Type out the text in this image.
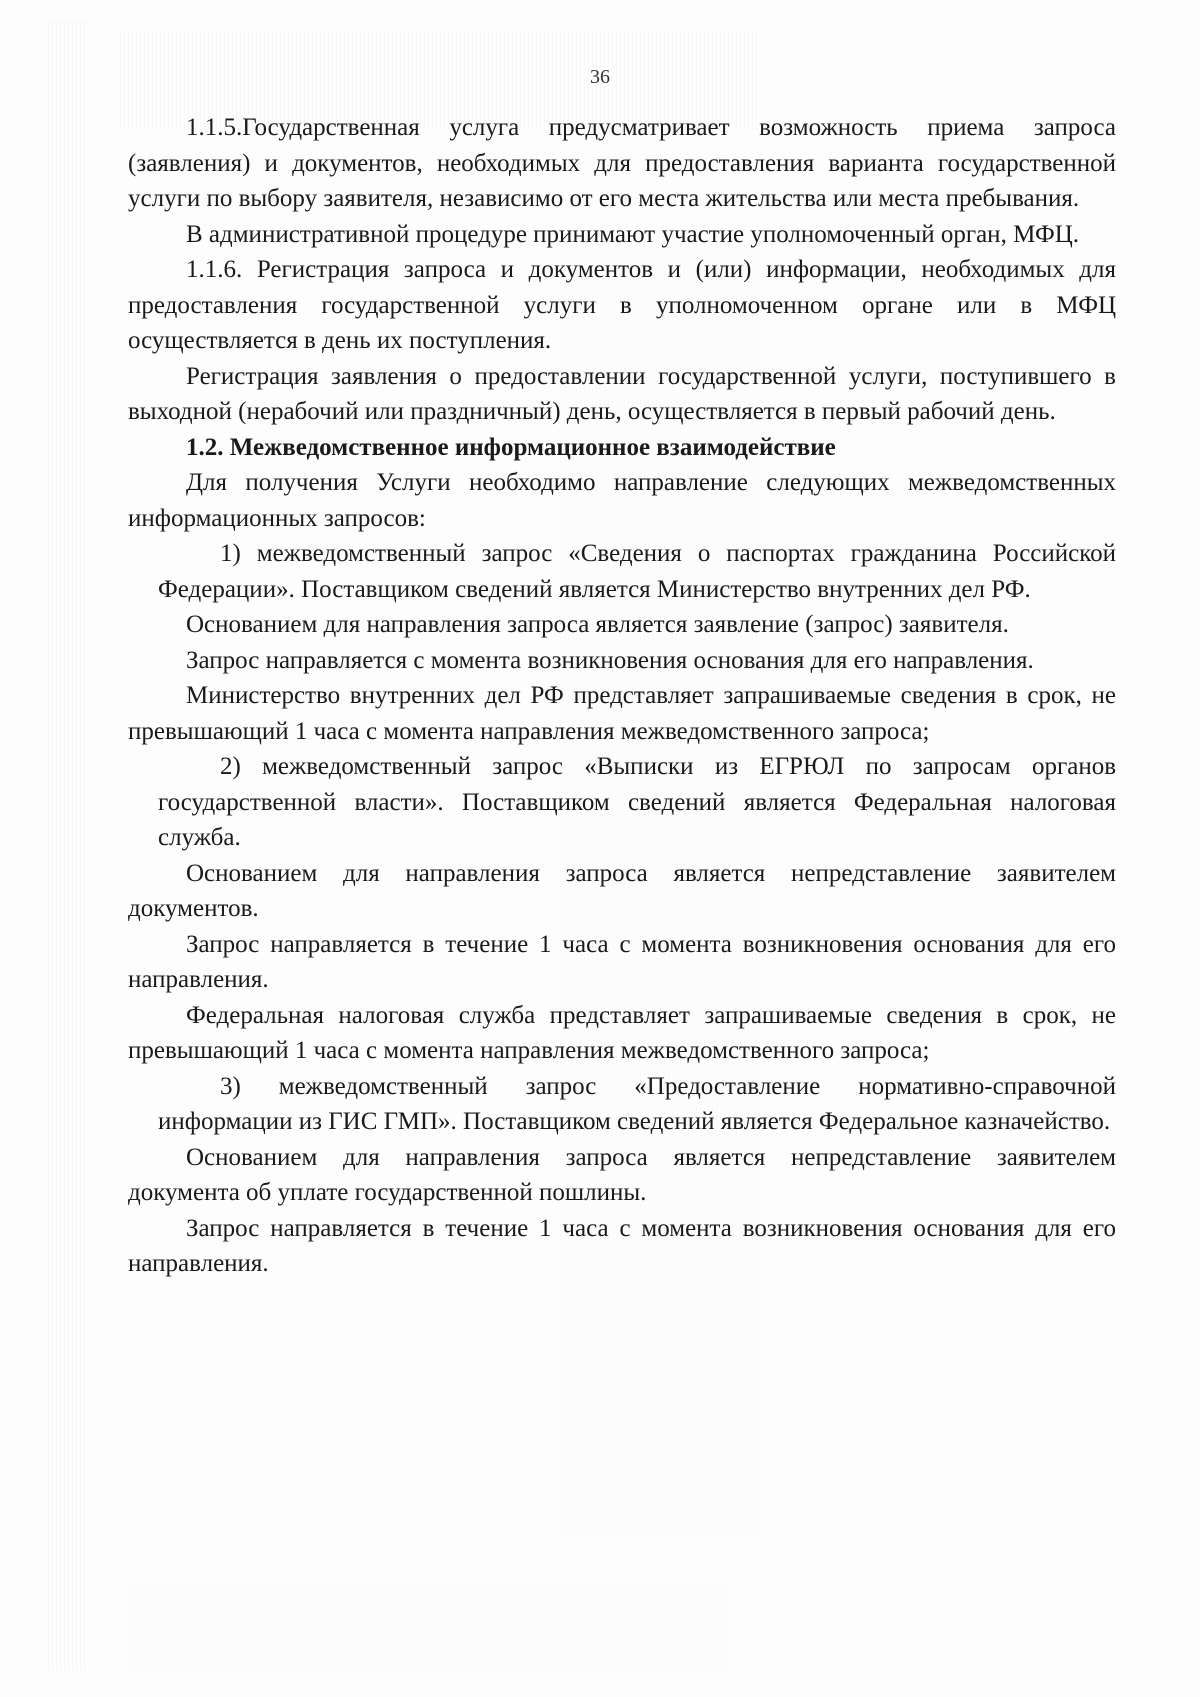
36

1.1.5.Государственная услуга предусматривает возможность приема запроса (заявления) и документов, необходимых для предоставления варианта государственной услуги по выбору заявителя, независимо от его места жительства или места пребывания.

В административной процедуре принимают участие уполномоченный орган, МФЦ.

1.1.6. Регистрация запроса и документов и (или) информации, необходимых для предоставления государственной услуги в уполномоченном органе или в МФЦ осуществляется в день их поступления.

Регистрация заявления о предоставлении государственной услуги, поступившего в выходной (нерабочий или праздничный) день, осуществляется в первый рабочий день.

1.2. Межведомственное информационное взаимодействие

Для получения Услуги необходимо направление следующих межведомственных информационных запросов:

1) межведомственный запрос «Сведения о паспортах гражданина Российской Федерации». Поставщиком сведений является Министерство внутренних дел РФ.

Основанием для направления запроса является заявление (запрос) заявителя.

Запрос направляется с момента возникновения основания для его направления.

Министерство внутренних дел РФ представляет запрашиваемые сведения в срок, не превышающий 1 часа с момента направления межведомственного запроса;

2) межведомственный запрос «Выписки из ЕГРЮЛ по запросам органов государственной власти». Поставщиком сведений является Федеральная налоговая служба.

Основанием для направления запроса является непредставление заявителем документов.

Запрос направляется в течение 1 часа с момента возникновения основания для его направления.

Федеральная налоговая служба представляет запрашиваемые сведения в срок, не превышающий 1 часа с момента направления межведомственного запроса;

3) межведомственный запрос «Предоставление нормативно-справочной информации из ГИС ГМП». Поставщиком сведений является Федеральное казначейство.

Основанием для направления запроса является непредставление заявителем документа об уплате государственной пошлины.

Запрос направляется в течение 1 часа с момента возникновения основания для его направления.
